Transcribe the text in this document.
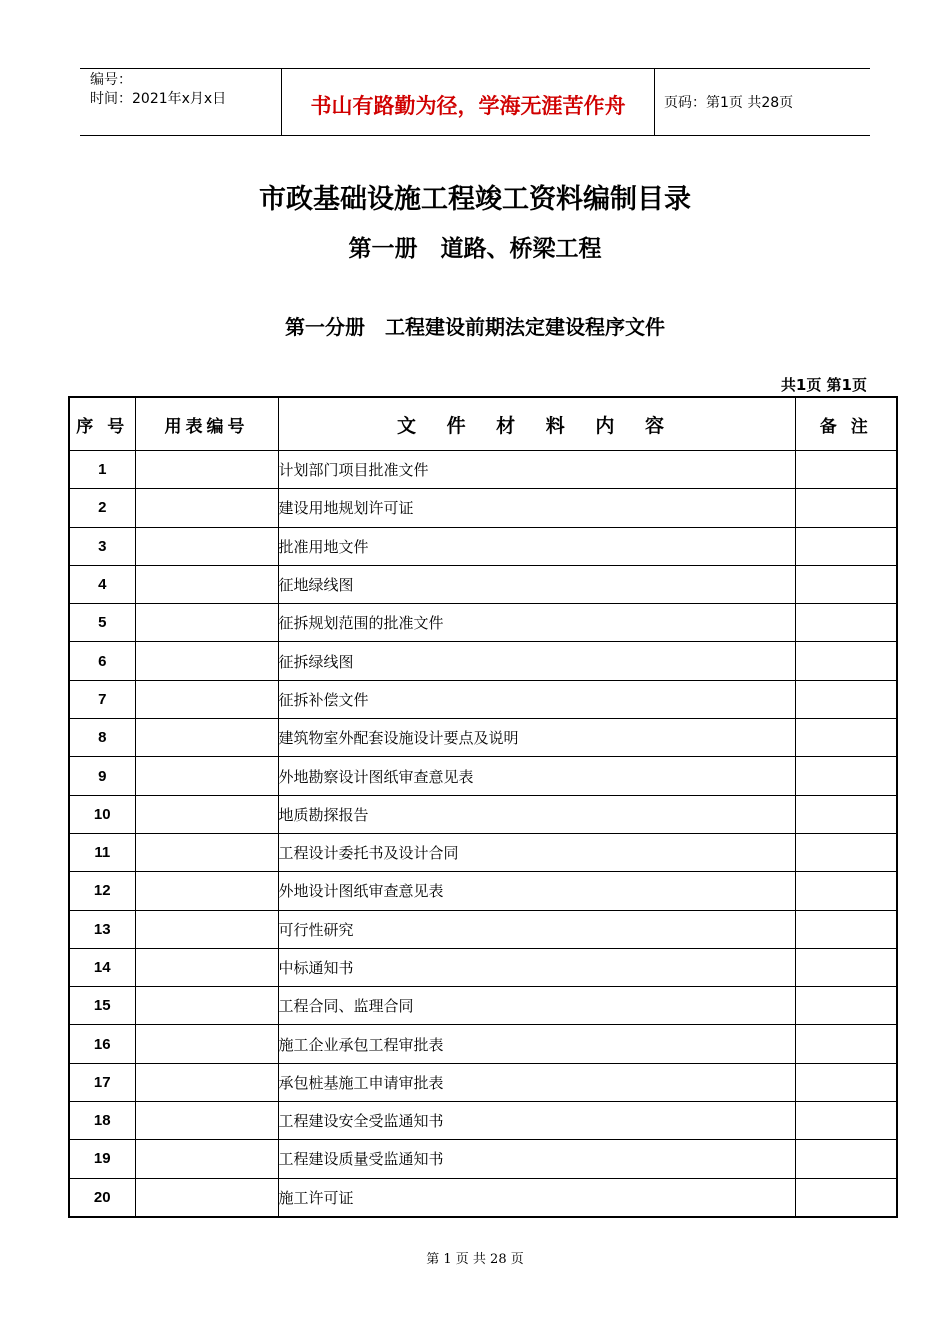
编号：
时间：2021年x月x日	书山有路勤为径，学海无涯苦作舟	页码：第1页 共28页
市政基础设施工程竣工资料编制目录
第一册　道路、桥梁工程
第一分册　工程建设前期法定建设程序文件
共1页 第1页
序 号	用表编号	文 件 材 料 内 容	备 注
1		计划部门项目批准文件	
2		建设用地规划许可证	
3		批准用地文件	
4		征地绿线图	
5		征拆规划范围的批准文件	
6		征拆绿线图	
7		征拆补偿文件	
8		建筑物室外配套设施设计要点及说明	
9		外地勘察设计图纸审查意见表	
10		地质勘探报告	
11		工程设计委托书及设计合同	
12		外地设计图纸审查意见表	
13		可行性研究	
14		中标通知书	
15		工程合同、监理合同	
16		施工企业承包工程审批表	
17		承包桩基施工申请审批表	
18		工程建设安全受监通知书	
19		工程建设质量受监通知书	
20		施工许可证	
第 1 页 共 28 页
